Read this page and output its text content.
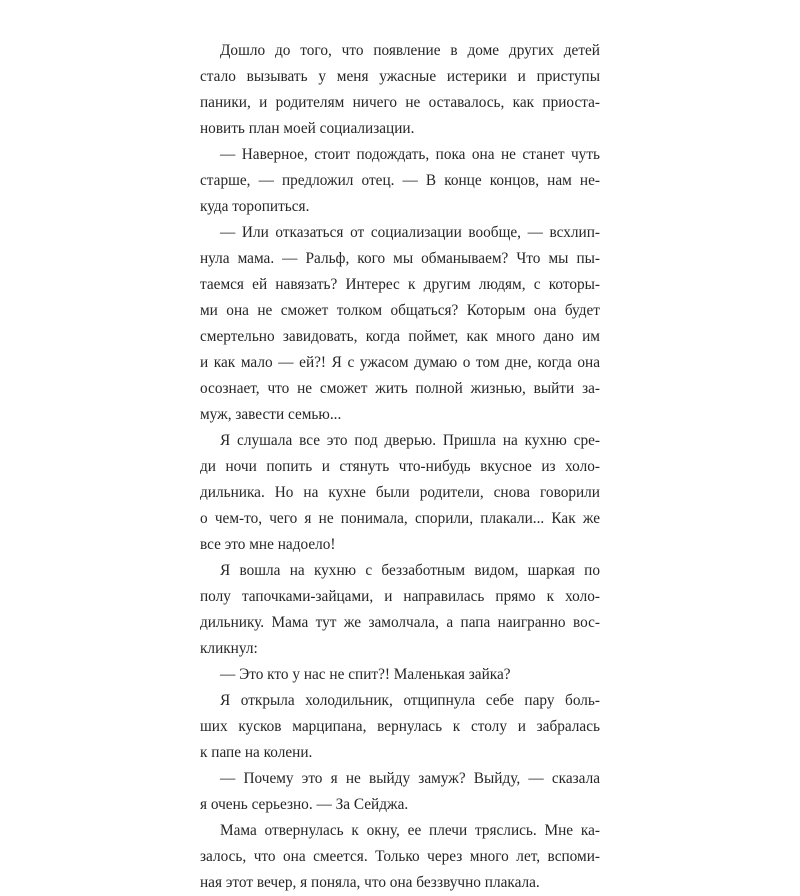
Дошло до того, что появление в доме других детей
стало вызывать у меня ужасные истерики и приступы
паники, и родителям ничего не оставалось, как приоста-
новить план моей социализации.
— Наверное, стоит подождать, пока она не станет чуть
старше, — предложил отец. — В конце концов, нам не-
куда торопиться.
— Или отказаться от социализации вообще, — всхлип-
нула мама. — Ральф, кого мы обманываем? Что мы пы-
таемся ей навязать? Интерес к другим людям, с которы-
ми она не сможет толком общаться? Которым она будет
смертельно завидовать, когда поймет, как много дано им
и как мало — ей?! Я с ужасом думаю о том дне, когда она
осознает, что не сможет жить полной жизнью, выйти за-
муж, завести семью...
Я слушала все это под дверью. Пришла на кухню сре-
ди ночи попить и стянуть что-нибудь вкусное из холо-
дильника. Но на кухне были родители, снова говорили
о чем-то, чего я не понимала, спорили, плакали... Как же
все это мне надоело!
Я вошла на кухню с беззаботным видом, шаркая по
полу тапочками-зайцами, и направилась прямо к холо-
дильнику. Мама тут же замолчала, а папа наигранно вос-
кликнул:
— Это кто у нас не спит?! Маленькая зайка?
Я открыла холодильник, отщипнула себе пару боль-
ших кусков марципана, вернулась к столу и забралась
к папе на колени.
— Почему это я не выйду замуж? Выйду, — сказала
я очень серьезно. — За Сейджа.
Мама отвернулась к окну, ее плечи тряслись. Мне ка-
залось, что она смеется. Только через много лет, вспоми-
ная этот вечер, я поняла, что она беззвучно плакала.
